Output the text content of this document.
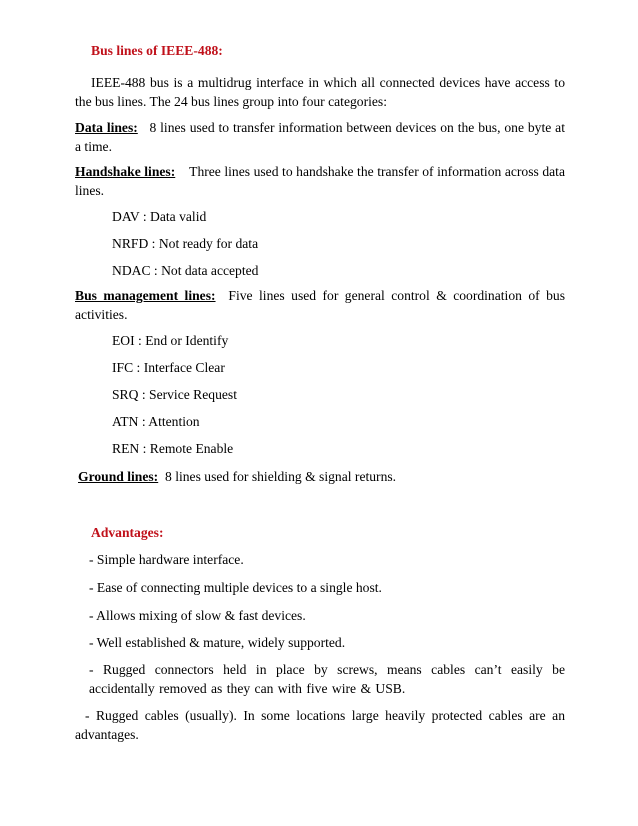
Bus lines of IEEE-488:
IEEE-488 bus is a multidrug interface in which all connected devices have access to the bus lines. The 24 bus lines group into four categories:
Data lines: 8 lines used to transfer information between devices on the bus, one byte at a time.
Handshake lines: Three lines used to handshake the transfer of information across data lines.
DAV : Data valid
NRFD : Not ready for data
NDAC : Not data accepted
Bus management lines: Five lines used for general control & coordination of bus activities.
EOI : End or Identify
IFC : Interface Clear
SRQ : Service Request
ATN : Attention
REN : Remote Enable
Ground lines: 8 lines used for shielding & signal returns.
Advantages:
- Simple hardware interface.
- Ease of connecting multiple devices to a single host.
- Allows mixing of slow & fast devices.
- Well established & mature, widely supported.
- Rugged connectors held in place by screws, means cables can’t easily be accidentally removed as they can with five wire & USB.
- Rugged cables (usually). In some locations large heavily protected cables are an advantages.
